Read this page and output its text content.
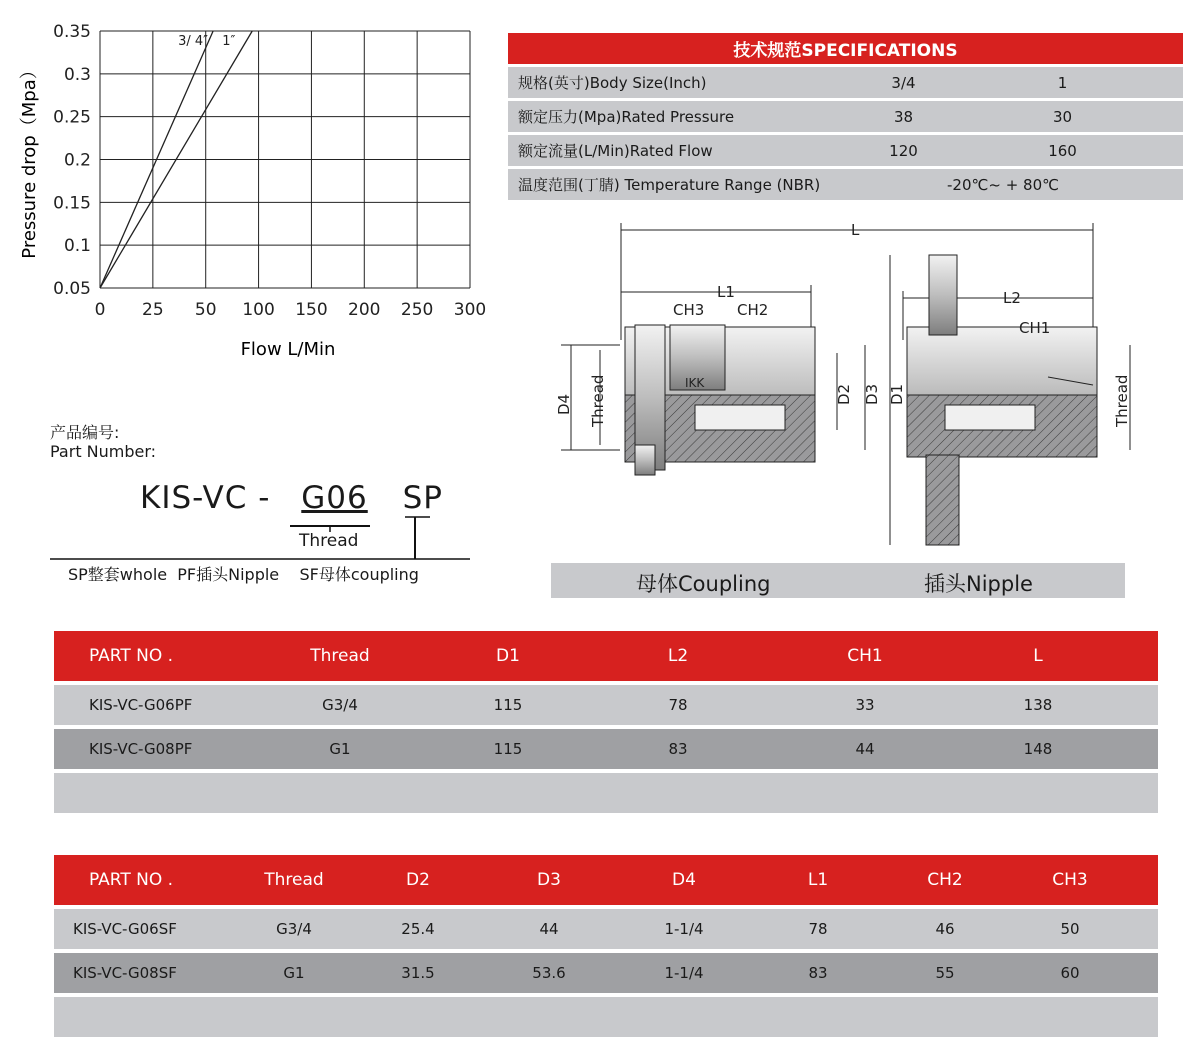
0.35
0.3
0.25
0.2
0.15
0.1
0.05
0 25 50 100 150 200 250 300
3/ 4″ 1″
Flow L/Min
Pressure drop（Mpa）
技术规范SPECIFICATIONS
规格(英寸)Body Size(Inch)	3/4	1
额定压力(Mpa)Rated Pressure	38	30
额定流量(L/Min)Rated Flow	120	160
温度范围(丁腈) Temperature Range (NBR)	-20℃~ + 80℃
L
L1	L2
CH3 CH2
CH1
D4 Thread	D2 D3 D1	Thread
IKK
母体Coupling	插头Nipple
产品编号:
Part Number:
KIS-VC - G06 SP
Thread
SP整套whole  PF插头Nipple    SF母体coupling
PART NO .	Thread	D1	L2	CH1	L
KIS-VC-G06PF	G3/4	115	78	33	138
KIS-VC-G08PF	G1	115	83	44	148
PART NO .	Thread	D2	D3	D4	L1	CH2	CH3
KIS-VC-G06SF	G3/4	25.4	44	1-1/4	78	46	50
KIS-VC-G08SF	G1	31.5	53.6	1-1/4	83	55	60
